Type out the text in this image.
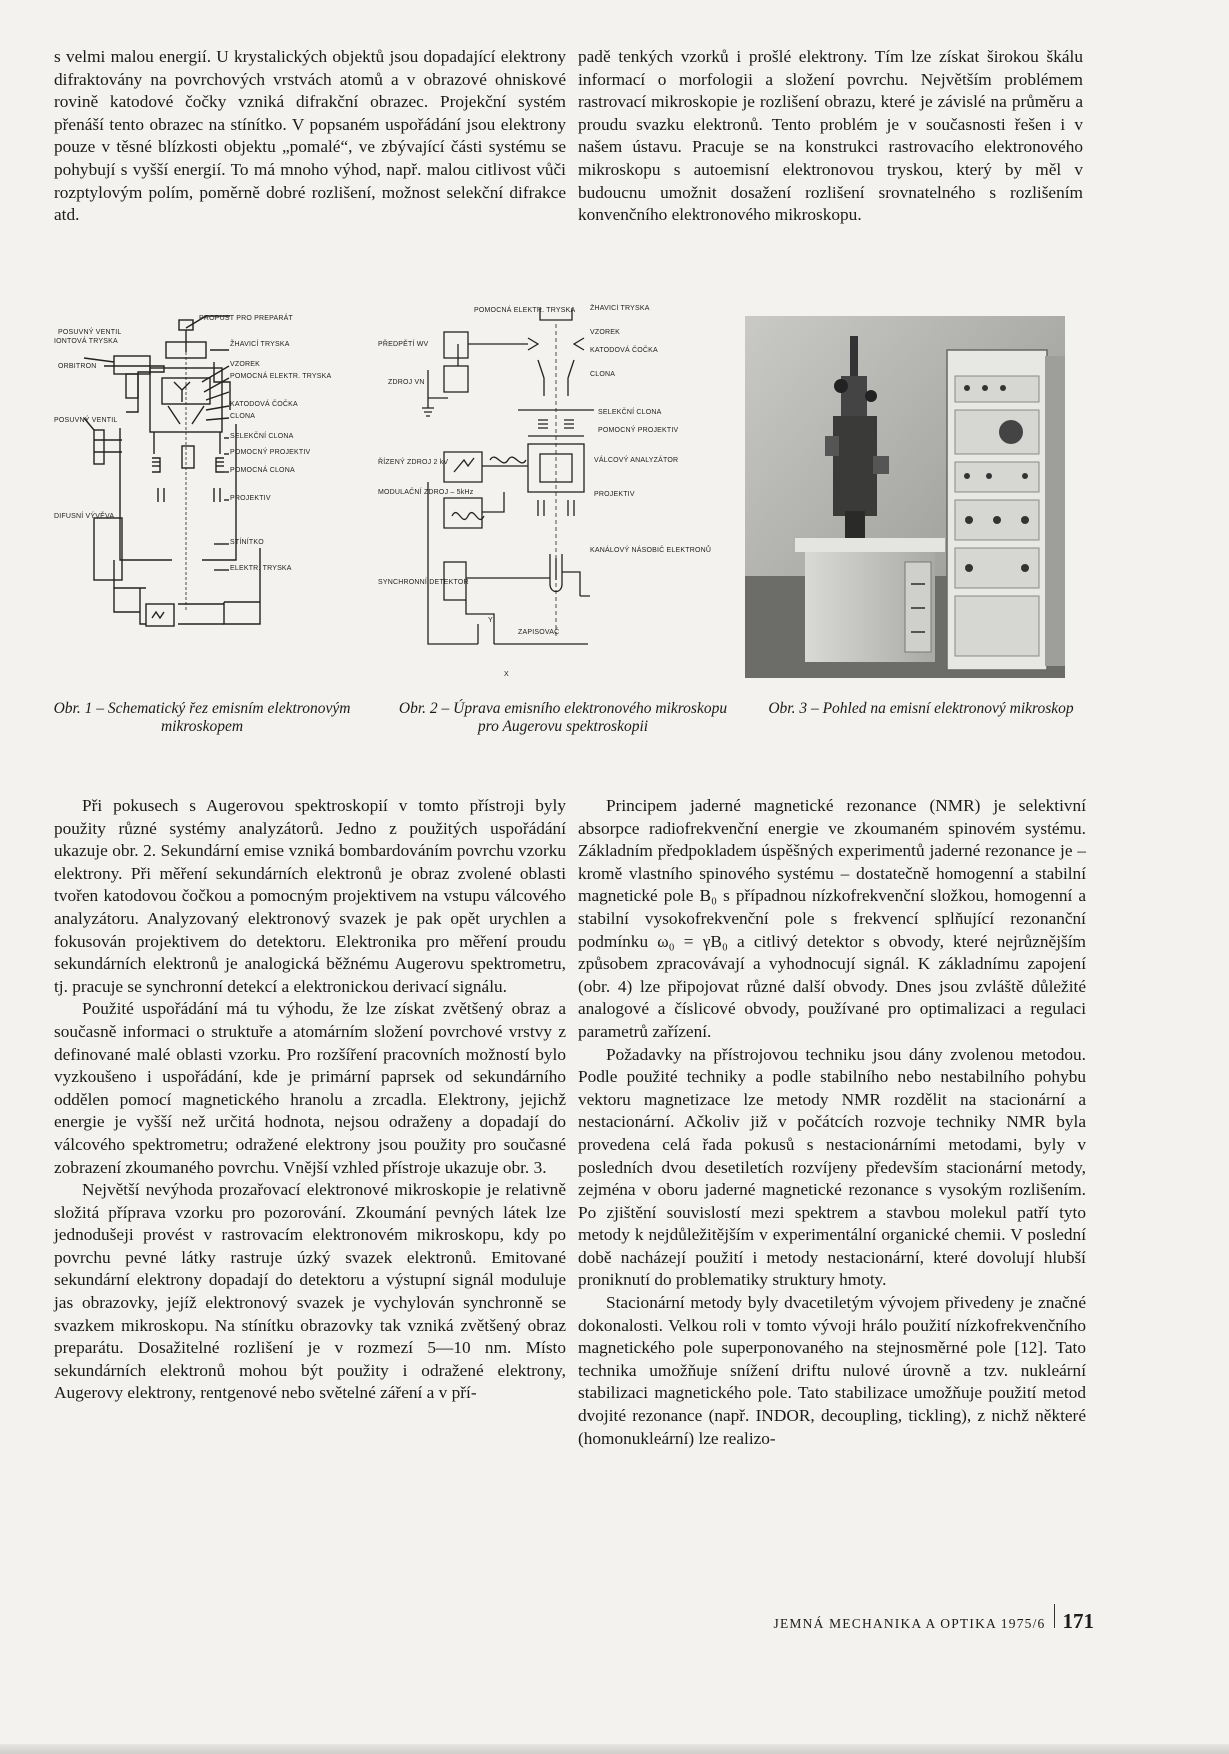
s velmi malou energií. U krystalických objektů jsou dopadající elektrony difraktovány na povrchových vrstvách atomů a v obrazové ohniskové rovině katodové čočky vzniká difrakční obrazec. Projekční systém přenáší tento obrazec na stínítko. V popsaném uspořádání jsou elektrony pouze v těsné blízkosti objektu „pomalé“, ve zbývající části systému se pohybují s vyšší energií. To má mnoho výhod, např. malou citlivost vůči rozptylovým polím, poměrně dobré rozlišení, možnost selekční difrakce atd.

padě tenkých vzorků i prošlé elektrony. Tím lze získat širokou škálu informací o morfologii a složení povrchu. Největším problémem rastrovací mikroskopie je rozlišení obrazu, které je závislé na průměru a proudu svazku elektronů. Tento problém je v současnosti řešen i v našem ústavu. Pracuje se na konstrukci rastrovacího elektronového mikroskopu s autoemisní elektronovou tryskou, který by měl v budoucnu umožnit dosažení rozlišení srovnatelného s rozlišením konvenčního elektronového mikroskopu.

PROPUST PRO PREPARÁT
POSUVNÝ VENTIL
IONTOVÁ TRYSKA	ŽHAVICÍ TRYSKA
ORBITRON	VZOREK
POMOCNÁ ELEKTR. TRYSKA
KATODOVÁ ČOČKA
CLONA
POSUVNÝ VENTIL
SELEKČNÍ CLONA
POMOCNÝ PROJEKTIV
POMOCNÁ CLONA
PROJEKTIV
DIFUSNÍ VÝVĚVA
STÍNÍTKO
ELEKTR. TRYSKA
POMOCNÁ ELEKTR. TRYSKA ŽHAVICÍ TRYSKA
VZOREK
PŘEDPĚTÍ WV
KATODOVÁ ČOČKA
ZDROJ VN
CLONA
SELEKČNÍ CLONA
POMOCNÝ PROJEKTIV
ŘÍZENÝ ZDROJ 2 kV	VÁLCOVÝ ANALYZÁTOR
MODULAČNÍ ZDROJ – 5kHz	PROJEKTIV
KANÁLOVÝ NÁSOBIČ ELEKTRONŮ
SYNCHRONNÍ DETEKTOR
ZAPISOVAČ
Y
X
Obr. 1 – Schematický řez emisním elektronovým mikroskopem
Obr. 2 – Úprava emisního elektronového mikroskopu pro Augerovu spektroskopii
Obr. 3 – Pohled na emisní elektronový mikroskop

Při pokusech s Augerovou spektroskopií v tomto přístroji byly použity různé systémy analyzátorů. Jedno z použitých uspořádání ukazuje obr. 2. Sekundární emise vzniká bombardováním povrchu vzorku elektrony. Při měření sekundárních elektronů je obraz zvolené oblasti tvořen katodovou čočkou a pomocným projektivem na vstupu válcového analyzátoru. Analyzovaný elektronový svazek je pak opět urychlen a fokusován projektivem do detektoru. Elektronika pro měření proudu sekundárních elektronů je analogická běžnému Augerovu spektrometru, tj. pracuje se synchronní detekcí a elektronickou derivací signálu.

Použité uspořádání má tu výhodu, že lze získat zvětšený obraz a současně informaci o struktuře a atomárním složení povrchové vrstvy z definované malé oblasti vzorku. Pro rozšíření pracovních možností bylo vyzkoušeno i uspořádání, kde je primární paprsek od sekundárního oddělen pomocí magnetického hranolu a zrcadla. Elektrony, jejichž energie je vyšší než určitá hodnota, nejsou odraženy a dopadají do válcového spektrometru; odražené elektrony jsou použity pro současné zobrazení zkoumaného povrchu. Vnější vzhled přístroje ukazuje obr. 3.

Největší nevýhoda prozařovací elektronové mikroskopie je relativně složitá příprava vzorku pro pozorování. Zkoumání pevných látek lze jednodušeji provést v rastrovacím elektronovém mikroskopu, kdy po povrchu pevné látky rastruje úzký svazek elektronů. Emitované sekundární elektrony dopadají do detektoru a výstupní signál moduluje jas obrazovky, jejíž elektronový svazek je vychylován synchronně se svazkem mikroskopu. Na stínítku obrazovky tak vzniká zvětšený obraz preparátu. Dosažitelné rozlišení je v rozmezí 5—10 nm. Místo sekundárních elektronů mohou být použity i odražené elektrony, Augerovy elektrony, rentgenové nebo světelné záření a v pří-

Principem jaderné magnetické rezonance (NMR) je selektivní absorpce radiofrekvenční energie ve zkoumaném spinovém systému. Základním předpokladem úspěšných experimentů jaderné rezonance je – kromě vlastního spinového systému – dostatečně homogenní a stabilní magnetické pole B₀ s případnou nízkofrekvenční složkou, homogenní a stabilní vysokofrekvenční pole s frekvencí splňující rezonanční podmínku ω₀ = γB₀ a citlivý detektor s obvody, které nejrůznějším způsobem zpracovávají a vyhodnocují signál. K základnímu zapojení (obr. 4) lze připojovat různé další obvody. Dnes jsou zvláště důležité analogové a číslicové obvody, používané pro optimalizaci a regulaci parametrů zařízení.

Požadavky na přístrojovou techniku jsou dány zvolenou metodou. Podle použité techniky a podle stabilního nebo nestabilního pohybu vektoru magnetizace lze metody NMR rozdělit na stacionární a nestacionární. Ačkoliv již v počátcích rozvoje techniky NMR byla provedena celá řada pokusů s nestacionárními metodami, byly v posledních dvou desetiletích rozvíjeny především stacionární metody, zejména v oboru jaderné magnetické rezonance s vysokým rozlišením. Po zjištění souvislostí mezi spektrem a stavbou molekul patří tyto metody k nejdůležitějším v experimentální organické chemii. V poslední době nacházejí použití i metody nestacionární, které dovolují hlubší proniknutí do problematiky struktury hmoty.

Stacionární metody byly dvacetiletým vývojem přivedeny je značné dokonalosti. Velkou roli v tomto vývoji hrálo použití nízkofrekvenčního magnetického pole superponovaného na stejnosměrné pole [12]. Tato technika umožňuje snížení driftu nulové úrovně a tzv. nukleární stabilizaci magnetického pole. Tato stabilizace umožňuje použití metod dvojité rezonance (např. INDOR, decoupling, tickling), z nichž některé (homonukleární) lze realizo-

JEMNÁ MECHANIKA A OPTIKA 1975/6 171
